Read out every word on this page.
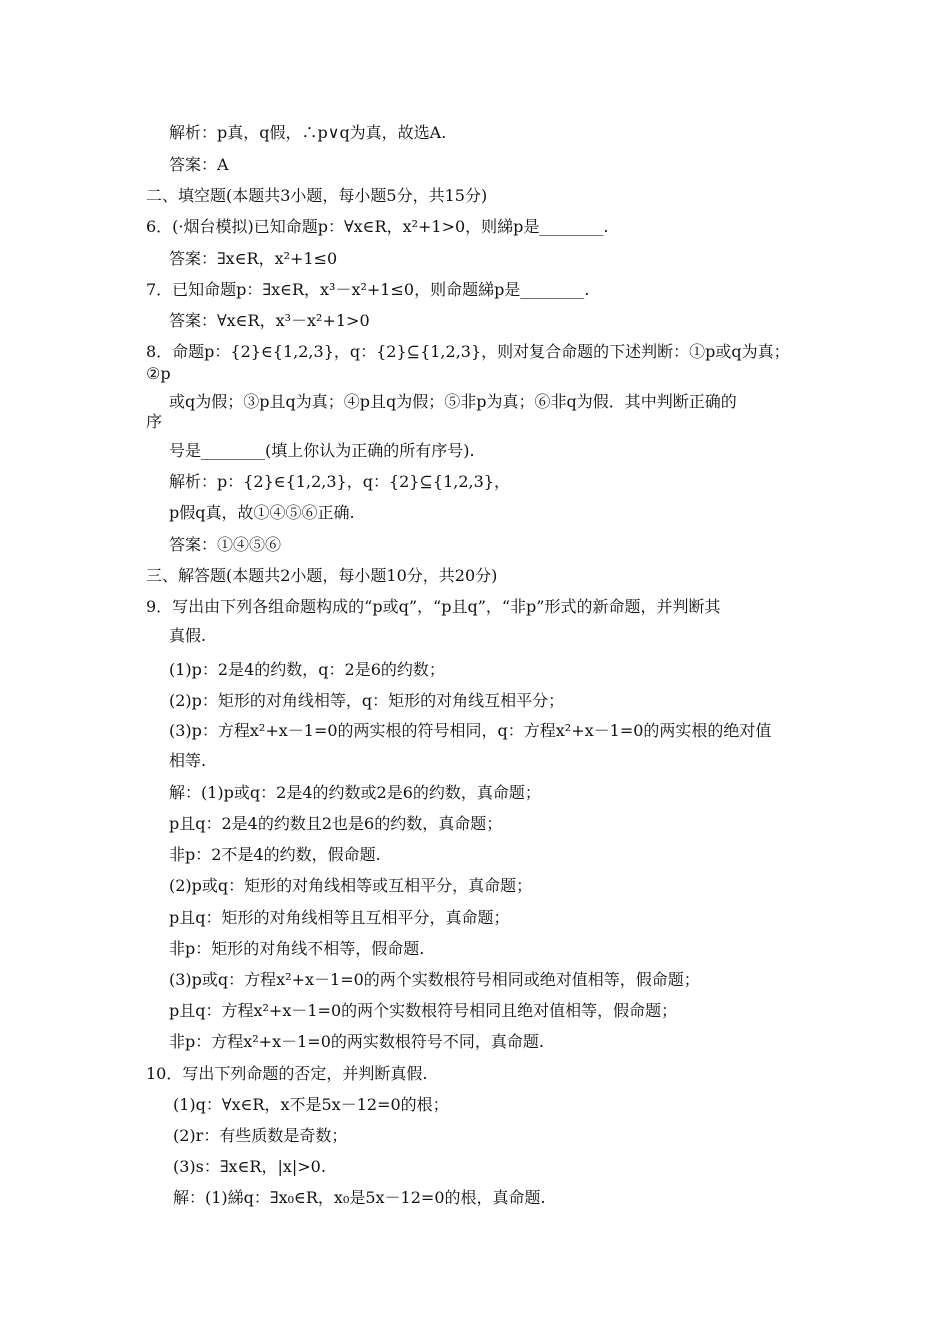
解析：p真，q假，∴p∨q为真，故选A.
答案：A
二、填空题(本题共3小题，每小题5分，共15分)
6．(·烟台模拟)已知命题p：∀x∈R，x²+1>0，则綈p是________.
答案：∃x∈R，x²+1≤0
7．已知命题p：∃x∈R，x³－x²+1≤0，则命题綈p是________.
答案：∀x∈R，x³－x²+1>0
8．命题p：{2}∈{1,2,3}，q：{2}⊆{1,2,3}，则对复合命题的下述判断：①p或q为真；
②p
或q为假；③p且q为真；④p且q为假；⑤非p为真；⑥非q为假．其中判断正确的
序
号是________(填上你认为正确的所有序号).
解析：p：{2}∈{1,2,3}，q：{2}⊆{1,2,3}，
p假q真，故①④⑤⑥正确.
答案：①④⑤⑥
三、解答题(本题共2小题，每小题10分，共20分)
9．写出由下列各组命题构成的“p或q”，“p且q”，“非p”形式的新命题，并判断其
真假.
(1)p：2是4的约数，q：2是6的约数；
(2)p：矩形的对角线相等，q：矩形的对角线互相平分；
(3)p：方程x²+x－1=0的两实根的符号相同，q：方程x²+x－1=0的两实根的绝对值
相等.
解：(1)p或q：2是4的约数或2是6的约数，真命题；
p且q：2是4的约数且2也是6的约数，真命题；
非p：2不是4的约数，假命题.
(2)p或q：矩形的对角线相等或互相平分，真命题；
p且q：矩形的对角线相等且互相平分，真命题；
非p：矩形的对角线不相等，假命题.
(3)p或q：方程x²+x－1=0的两个实数根符号相同或绝对值相等，假命题；
p且q：方程x²+x－1=0的两个实数根符号相同且绝对值相等，假命题；
非p：方程x²+x－1=0的两实数根符号不同，真命题.
10．写出下列命题的否定，并判断真假.
(1)q：∀x∈R，x不是5x－12=0的根；
(2)r：有些质数是奇数；
(3)s：∃x∈R，|x|>0.
解：(1)綈q：∃x₀∈R，x₀是5x－12=0的根，真命题.
